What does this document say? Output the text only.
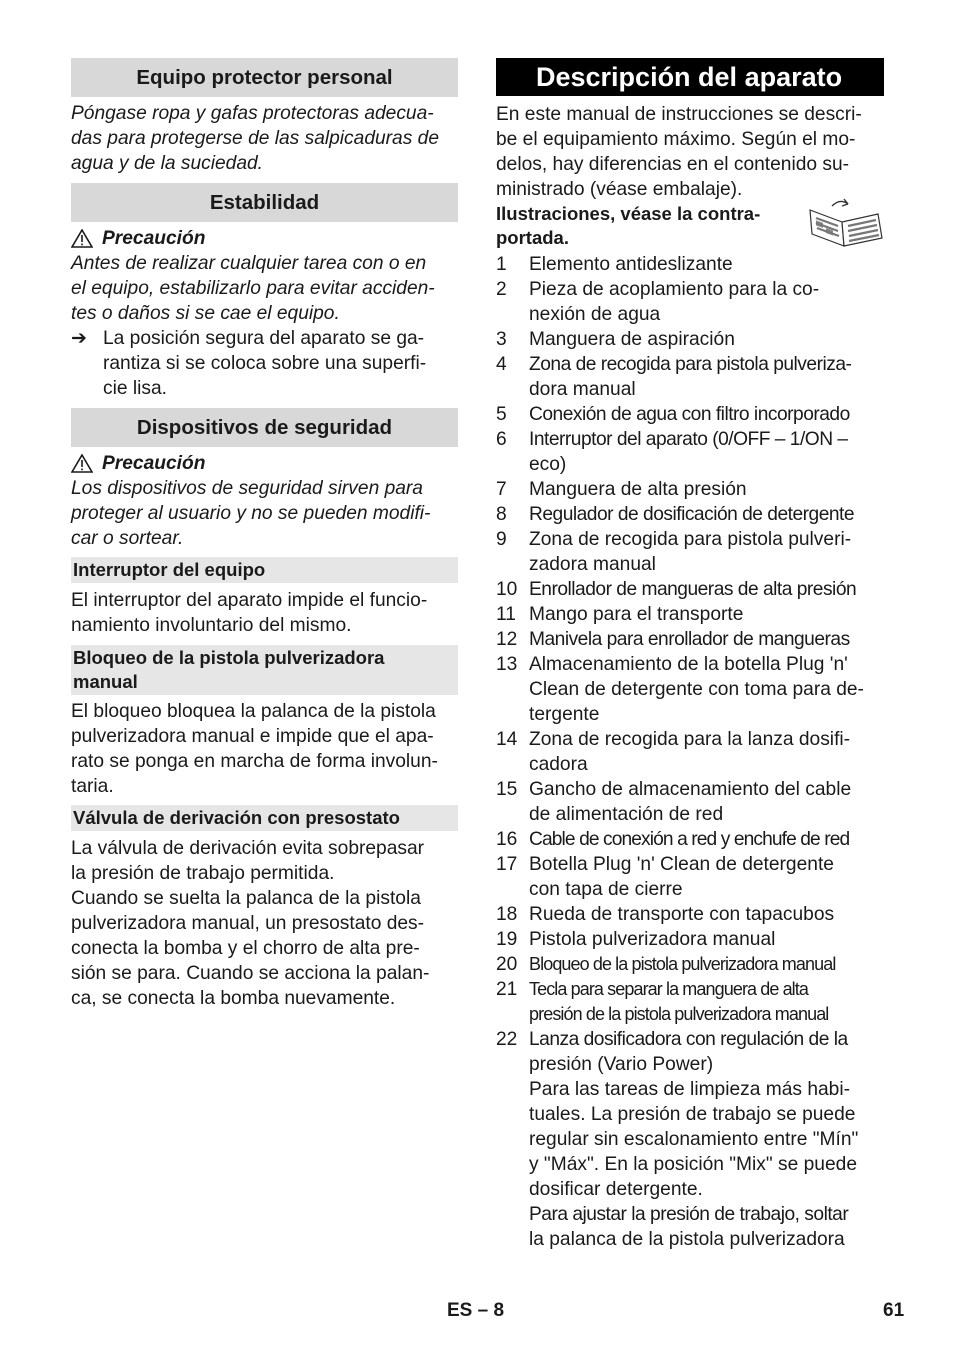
Equipo protector personal
Póngase ropa y gafas protectoras adecua-
das para protegerse de las salpicaduras de
agua y de la suciedad.
Estabilidad
Precaución
Antes de realizar cualquier tarea con o en
el equipo, estabilizarlo para evitar acciden-
tes o daños si se cae el equipo.
➔ La posición segura del aparato se ga-
rantiza si se coloca sobre una superfi-
cie lisa.
Dispositivos de seguridad
Precaución
Los dispositivos de seguridad sirven para
proteger al usuario y no se pueden modifi-
car o sortear.
Interruptor del equipo
El interruptor del aparato impide el funcio-
namiento involuntario del mismo.
Bloqueo de la pistola pulverizadora
manual
El bloqueo bloquea la palanca de la pistola
pulverizadora manual e impide que el apa-
rato se ponga en marcha de forma involun-
taria.
Válvula de derivación con presostato
La válvula de derivación evita sobrepasar
la presión de trabajo permitida.
Cuando se suelta la palanca de la pistola
pulverizadora manual, un presostato des-
conecta la bomba y el chorro de alta pre-
sión se para. Cuando se acciona la palan-
ca, se conecta la bomba nuevamente.
Descripción del aparato
En este manual de instrucciones se descri-
be el equipamiento máximo. Según el mo-
delos, hay diferencias en el contenido su-
ministrado (véase embalaje).
Ilustraciones, véase la contra-
portada.
1	Elemento antideslizante
2	Pieza de acoplamiento para la co-
nexión de agua
3	Manguera de aspiración
4	Zona de recogida para pistola pulveriza-
dora manual
5	Conexión de agua con filtro incorporado
6	Interruptor del aparato (0/OFF – 1/ON –
eco)
7	Manguera de alta presión
8	Regulador de dosificación de detergente
9	Zona de recogida para pistola pulveri-
zadora manual
10 Enrollador de mangueras de alta presión
11 Mango para el transporte
12 Manivela para enrollador de mangueras
13 Almacenamiento de la botella Plug 'n'
Clean de detergente con toma para de-
tergente
14 Zona de recogida para la lanza dosifi-
cadora
15 Gancho de almacenamiento del cable
de alimentación de red
16 Cable de conexión a red y enchufe de red
17 Botella Plug 'n' Clean de detergente
con tapa de cierre
18 Rueda de transporte con tapacubos
19 Pistola pulverizadora manual
20 Bloqueo de la pistola pulverizadora manual
21 Tecla para separar la manguera de alta
presión de la pistola pulverizadora manual
22 Lanza dosificadora con regulación de la
presión (Vario Power)
Para las tareas de limpieza más habi-
tuales. La presión de trabajo se puede
regular sin escalonamiento entre "Mín"
y "Máx". En la posición "Mix" se puede
dosificar detergente.
Para ajustar la presión de trabajo, soltar
la palanca de la pistola pulverizadora
ES – 8	61
